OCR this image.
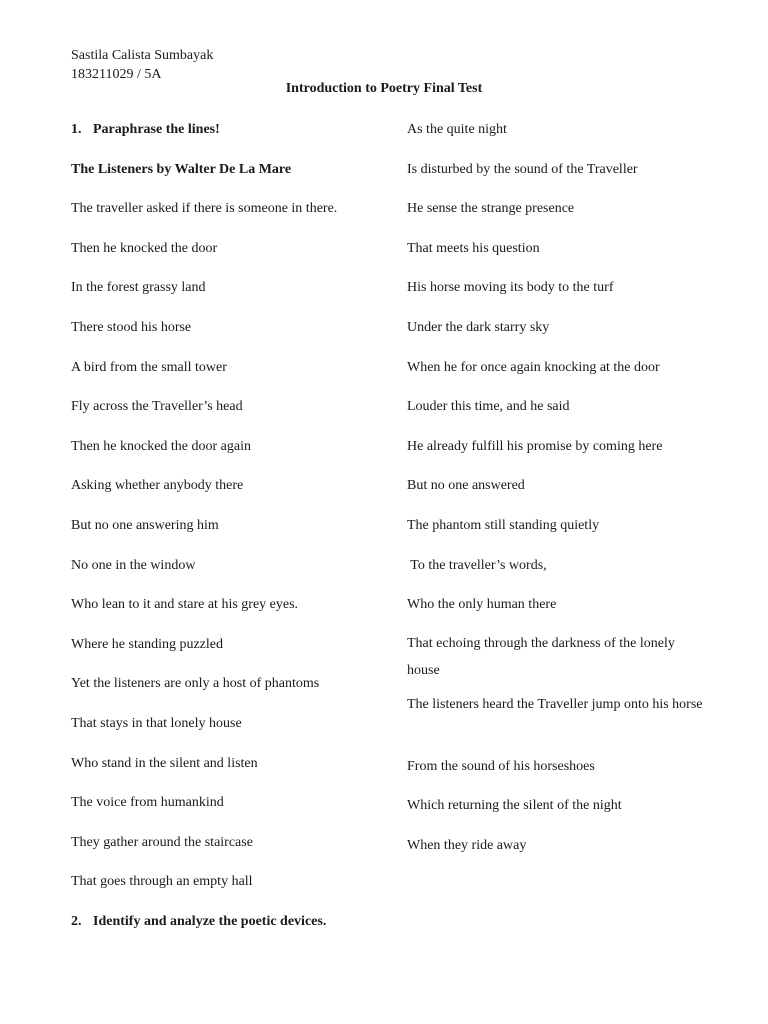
Sastila Calista Sumbayak
183211029 / 5A
Introduction to Poetry Final Test
1. Paraphrase the lines!
The Listeners by Walter De La Mare
The traveller asked if there is someone in there.
Then he knocked the door
In the forest grassy land
There stood his horse
A bird from the small tower
Fly across the Traveller’s head
Then he knocked the door again
Asking whether anybody there
But no one answering him
No one in the window
Who lean to it and stare at his grey eyes.
Where he standing puzzled
Yet the listeners are only a host of phantoms
That stays in that lonely house
Who stand in the silent and listen
The voice from humankind
They gather around the staircase
That goes through an empty hall
As the quite night
Is disturbed by the sound of the Traveller
He sense the strange presence
That meets his question
His horse moving its body to the turf
Under the dark starry sky
When he for once again knocking at the door
Louder this time, and he said
He already fulfill his promise by coming here
But no one answered
The phantom still standing quietly
To the traveller’s words,
Who the only human there
That echoing through the darkness of the lonely house
The listeners heard the Traveller jump onto his horse
From the sound of his horseshoes
Which returning the silent of the night
When they ride away
2. Identify and analyze the poetic devices.
